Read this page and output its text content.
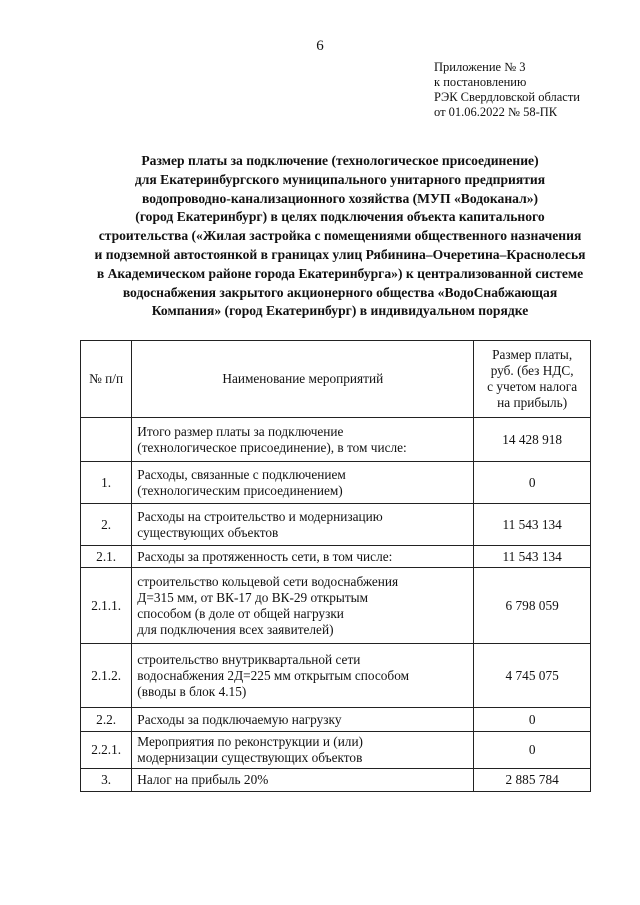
6
Приложение № 3
к постановлению
РЭК Свердловской области
от 01.06.2022 № 58-ПК
Размер платы за подключение (технологическое присоединение)
для Екатеринбургского муниципального унитарного предприятия
водопроводно-канализационного хозяйства (МУП «Водоканал»)
(город Екатеринбург) в целях подключения объекта капитального
строительства («Жилая застройка с помещениями общественного назначения
и подземной автостоянкой в границах улиц Рябинина–Очеретина–Краснолесья
в Академическом районе города Екатеринбурга») к централизованной системе
водоснабжения закрытого акционерного общества «ВодоСнабжающая
Компания» (город Екатеринбург) в индивидуальном порядке
№ п/п	Наименование мероприятий	Размер платы,
руб. (без НДС,
с учетом налога
на прибыль)
	Итого размер платы за подключение
(технологическое присоединение), в том числе:	14 428 918
1.	Расходы, связанные с подключением
(технологическим присоединением)	0
2.	Расходы на строительство и модернизацию
существующих объектов	11 543 134
2.1.	Расходы за протяженность сети, в том числе:	11 543 134
2.1.1.	строительство кольцевой сети водоснабжения
Д=315 мм, от ВК-17 до ВК-29 открытым
способом (в доле от общей нагрузки
для подключения всех заявителей)	6 798 059
2.1.2.	строительство внутриквартальной сети
водоснабжения 2Д=225 мм открытым способом
(вводы в блок 4.15)	4 745 075
2.2.	Расходы за подключаемую нагрузку	0
2.2.1.	Мероприятия по реконструкции и (или)
модернизации существующих объектов	0
3.	Налог на прибыль 20%	2 885 784
